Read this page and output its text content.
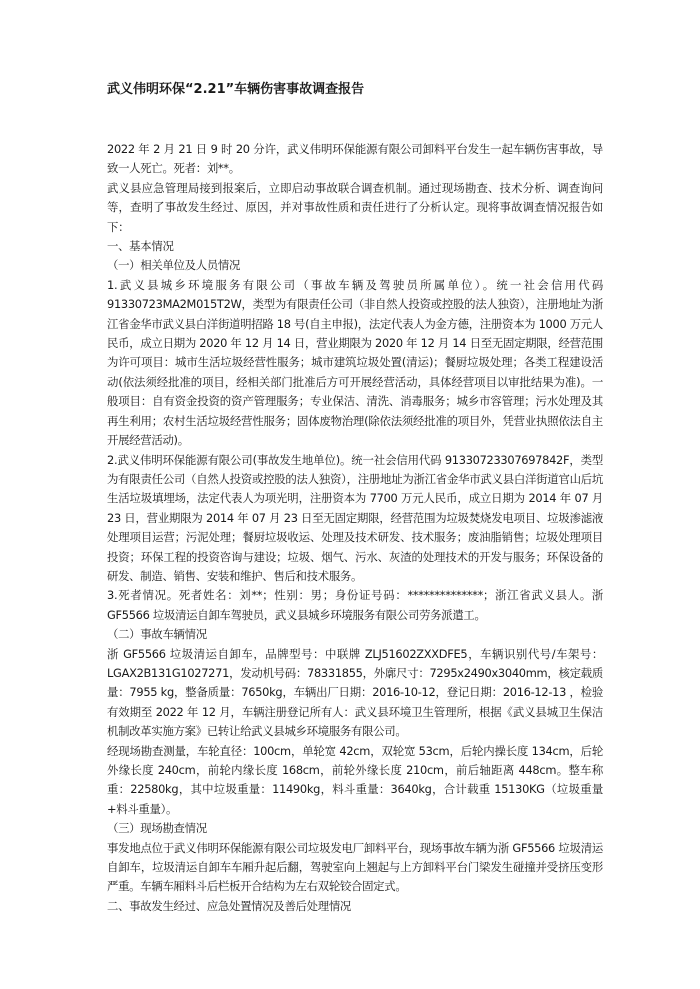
武义伟明环保“2.21”车辆伤害事故调查报告

2022 年 2 月 21 日 9 时 20 分许，武义伟明环保能源有限公司卸料平台发生一起车辆伤害事故，导致一人死亡。死者：刘**。

武义县应急管理局接到报案后，立即启动事故联合调查机制。通过现场勘查、技术分析、调查询问等，查明了事故发生经过、原因，并对事故性质和责任进行了分析认定。现将事故调查情况报告如下：

一、基本情况

（一）相关单位及人员情况

1.武义县城乡环境服务有限公司（事故车辆及驾驶员所属单位）。统一社会信用代码91330723MA2M015T2W，类型为有限责任公司（非自然人投资或控股的法人独资），注册地址为浙江省金华市武义县白洋街道明招路 18 号(自主申报)，法定代表人为金方德，注册资本为 1000 万元人民币，成立日期为 2020 年 12 月 14 日，营业期限为 2020 年 12 月 14 日至无固定期限，经营范围为许可项目：城市生活垃圾经营性服务；城市建筑垃圾处置(清运)；餐厨垃圾处理；各类工程建设活动(依法须经批准的项目，经相关部门批准后方可开展经营活动，具体经营项目以审批结果为准)。一般项目：自有资金投资的资产管理服务；专业保洁、清洗、消毒服务；城乡市容管理；污水处理及其再生利用；农村生活垃圾经营性服务；固体废物治理(除依法须经批准的项目外，凭营业执照依法自主开展经营活动)。

2.武义伟明环保能源有限公司(事故发生地单位)。统一社会信用代码 91330723307697842F，类型为有限责任公司（自然人投资或控股的法人独资），注册地址为浙江省金华市武义县白洋街道官山后坑生活垃圾填埋场，法定代表人为项光明，注册资本为 7700 万元人民币，成立日期为 2014 年 07 月 23 日，营业期限为 2014 年 07 月 23 日至无固定期限，经营范围为垃圾焚烧发电项目、垃圾渗滤液处理项目运营；污泥处理；餐厨垃圾收运、处理及技术研发、技术服务；废油脂销售；垃圾处理项目投资；环保工程的投资咨询与建设；垃圾、烟气、污水、灰渣的处理技术的开发与服务；环保设备的研发、制造、销售、安装和维护、售后和技术服务。

3.死者情况。死者姓名：刘**；性别：男；身份证号码：**************；浙江省武义县人。浙GF5566 垃圾清运自卸车驾驶员，武义县城乡环境服务有限公司劳务派遣工。

（二）事故车辆情况

浙 GF5566 垃圾清运自卸车，品牌型号：中联牌 ZLJ51602ZXXDFE5，车辆识别代号/车架号：LGAX2B131G1027271，发动机号码：78331855，外廓尺寸：7295x2490x3040mm，核定载质量：7955 kg，整备质量：7650kg，车辆出厂日期：2016-10-12，登记日期：2016-12-13 ，检验有效期至 2022 年 12 月，车辆注册登记所有人：武义县环境卫生管理所，根据《武义县城卫生保洁机制改革实施方案》已转让给武义县城乡环境服务有限公司。

经现场勘查测量，车轮直径：100cm，单轮宽 42cm，双轮宽 53cm，后轮内操长度 134cm，后轮外缘长度 240cm，前轮内缘长度 168cm，前轮外缘长度 210cm，前后轴距离 448cm。整车称重：22580kg，其中垃圾重量：11490kg，料斗重量：3640kg，合计载重 15130KG（垃圾重量+料斗重量）。

（三）现场勘查情况

事发地点位于武义伟明环保能源有限公司垃圾发电厂卸料平台，现场事故车辆为浙 GF5566 垃圾清运自卸车，垃圾清运自卸车车厢升起后翻，驾驶室向上翘起与上方卸料平台门梁发生碰撞并受挤压变形严重。车辆车厢料斗后栏板开合结构为左右双轮铰合固定式。

二、事故发生经过、应急处置情况及善后处理情况
